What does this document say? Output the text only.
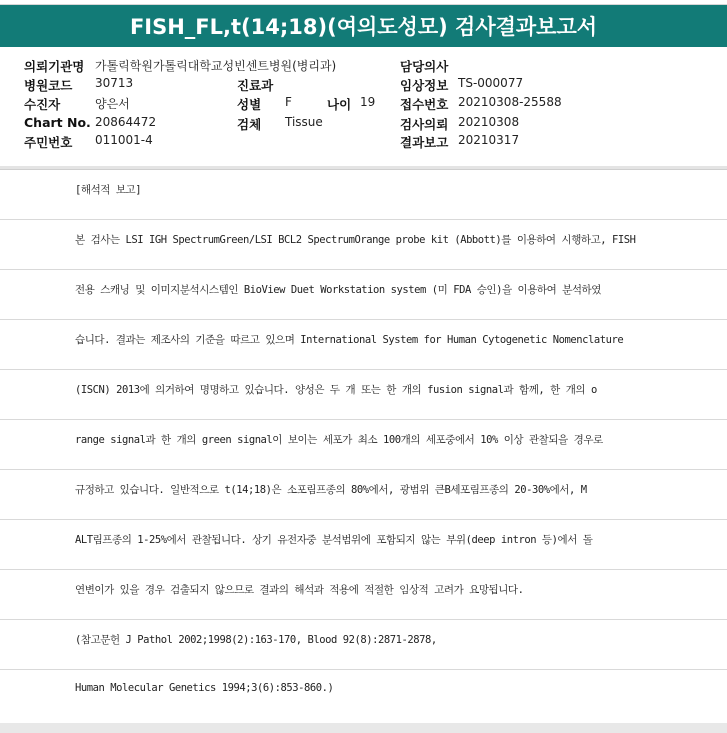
FISH_FL,t(14;18)(여의도성모) 검사결과보고서
의뢰기관명 가톨릭학원가톨릭대학교성빈센트병원(병리과)
병원코드 30713
수진자	양은서
Chart No. 20864472
주민번호 011001-4
진료과
성별 F	나이 19
검체 Tissue
담당의사
임상정보 TS-000077
접수번호 20210308-25588
검사의뢰 20210308
결과보고 20210317
[해석적 보고]
본 검사는 LSI IGH SpectrumGreen/LSI BCL2 SpectrumOrange probe kit (Abbott)를 이용하여 시행하고, FISH
전용 스캐닝 및 이미지분석시스템인 BioView Duet Workstation system (미 FDA 승인)을 이용하여 분석하였
습니다. 결과는 제조사의 기준을 따르고 있으며 International System for Human Cytogenetic Nomenclature
(ISCN) 2013에 의거하여 명명하고 있습니다. 양성은 두 개 또는 한 개의 fusion signal과 함께, 한 개의 o
range signal과 한 개의 green signal이 보이는 세포가 최소 100개의 세포중에서 10% 이상 관찰되을 경우로
규정하고 있습니다. 일반적으로 t(14;18)은 소포림프종의 80%에서, 광범위 큰B세포림프종의 20-30%에서, M
ALT림프종의 1-25%에서 관찰됩니다. 상기 유전자중 분석범위에 포함되지 않는 부위(deep intron 등)에서 돌
연변이가 있을 경우 검출되지 않으므로 결과의 해석과 적용에 적절한 임상적 고려가 요망됩니다.
(참고문헌 J Pathol 2002;1998(2):163-170, Blood 92(8):2871-2878,
Human Molecular Genetics 1994;3(6):853-860.)
